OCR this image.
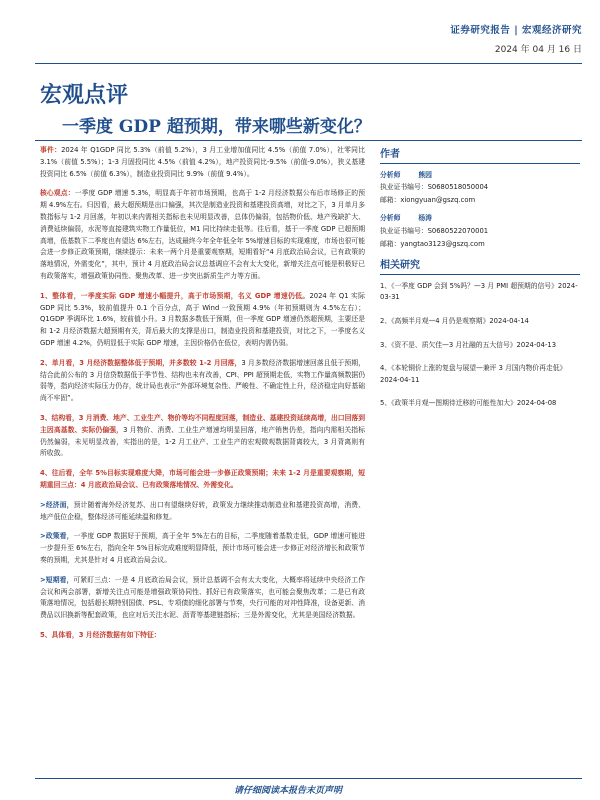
证券研究报告 | 宏观经济研究
2024 年 04 月 16 日
宏观点评
一季度 GDP 超预期，带来哪些新变化？

事件：2024 年 Q1GDP 同比 5.3%（前值 5.2%），3 月工业增加值同比 4.5%（前值 7.0%），社零同比 3.1%（前值 5.5%）；1-3 月固投同比 4.5%（前值 4.2%），地产投资同比-9.5%（前值-9.0%），狭义基建投资同比 6.5%（前值 6.3%），制造业投资同比 9.9%（前值 9.4%）。

核心观点：一季度 GDP 增速 5.3%，明显高于年初市场预期，也高于 1-2 月经济数据公布后市场修正的预期 4.9%左右。归因看，最大超预期是出口偏强，其次是制造业投资和基建投资高增，对比之下，3 月单月多数指标与 1-2 月回落，年初以来内需相关指标也未见明显改善，总体仍偏弱，包括物价低、地产残缺扩大、消费延续偏弱，水泥等直接建筑实物工作量低位，M1 同比持续走低等。往后看，基于一季度 GDP 已超预期高增，低基数下二季度也有望达 6%左右，达成最终今年全年低全年 5%增速目标的实现难度，市场也很可能会进一步修正政策预期，继续提示：未来一两个月是重要观察期，短期看好“4 月底政治局会议，已有政策的落地情况，外需变化”，其中，预计 4 月底政治局会议总基调应不会有太大变化，新增关注点可能是积极好已有政策落实，增强政策协同性、聚焦改革、进一步突出新质生产力等方面。

1、整体看，一季度实际 GDP 增速小幅提升，高于市场预期，名义 GDP 增速仍低。2024 年 Q1 实际 GDP 同比 5.3%，较前值提升 0.1 个百分点，高于 Wind 一致预期 4.9%（年初预期则为 4.5%左右）；Q1GDP 季调环比 1.6%，较前值小升。3 月数据多数低于预期，但一季度 GDP 增速仍然超预期，主要还是和 1-2 月经济数据大超预期有关，背后最大的支撑是出口，制造业投资和基建投资，对比之下，一季度名义 GDP 增速 4.2%，仍明显低于实际 GDP 增速，主因价格仍在低位，表明内需仍弱。

2、单月看，3 月经济数据整体低于预期，并多数较 1-2 月回落，3 月多数经济数据增速回落且低于预期，结合此前公布的 3 月信贷数据低于季节性、结构也未有改善，CPI、PPI 超预期走低，实物工作量高频数据仍弱等，指向经济实际压力仍存，统计局也表示“外部环境复杂性、严峻性、不确定性上升，经济稳定向好基础尚不牢固”。

3、结构看，3 月消费、地产、工业生产、物价等均不同程度回落，制造业、基建投资延续高增，出口回落到主因高基数、实际仍偏强，3 月物价、消费、工业生产增速均明显回落，地产销售仍差，指向内需相关指标仍然偏弱，未见明显改善，实指出的是，1-2 月工业产、工业生产的宏观微观数据背离较大，3 月背离则有所收敛。

4、往后看，全年 5%目标实现难度大降，市场可能会进一步修正政策预期；未来 1-2 月是重要观察期，短期重回三点：4 月底政治局会议、已有政策落地情况、外需变化。

>经济面，预计随着海外经济复苏、出口有望继续好转，政策发力继续推动制造业和基建投资高增，消费、地产低位企稳，整体经济可能延续温和修复。

>政策看，一季度 GDP 数据好于预期，高于全年 5%左右的目标，二季度随着基数走低，GDP 增速可能进一步提升至 6%左右，指向全年 5%目标完成难度明显降低，预计市场可能会进一步修正对经济增长和政策节奏的预期，尤其是针对 4 月底政治局会议。

>短期看，可紧盯三点：一是 4 月底政治局会议，预计总基调不会有太大变化，大概率将延续中央经济工作会议和两会部署，新增关注点可能是增强政策协同性、抓好已有政策落实，也可能会聚焦改革；二是已有政策落地情况，包括超长期特别国债、PSL、专项债的细化部署与节奏，央行可能的对冲性降准，设备更新、消费品以旧换新等配套政策，也应对后关注水泥、沥青等基建链指标；三是外需变化，尤其是美国经济数据。

5、具体看，3 月经济数据有如下特征：

作者
分析师	熊园
执业证书编号：S0680518050004
邮箱：xiongyuan@gszq.com
分析师	杨涛
执业证书编号：S0680522070001
邮箱：yangtao3123@gszq.com
相关研究
1、《一季度 GDP 会到 5%吗？—3 月 PMI 超预期的信号》2024-03-31
2、《高频半月观—4 月仍是观察期》2024-04-14
3、《资不是、质欠佳—3 月社融的五大信号》2024-04-13
4、《本轮铜价上涨的复盘与展望—兼评 3 月国内物价再走低》2024-04-11
5、《政策半月观—图期待迁移的可能性加大》2024-04-08
请仔细阅读本报告末页声明
